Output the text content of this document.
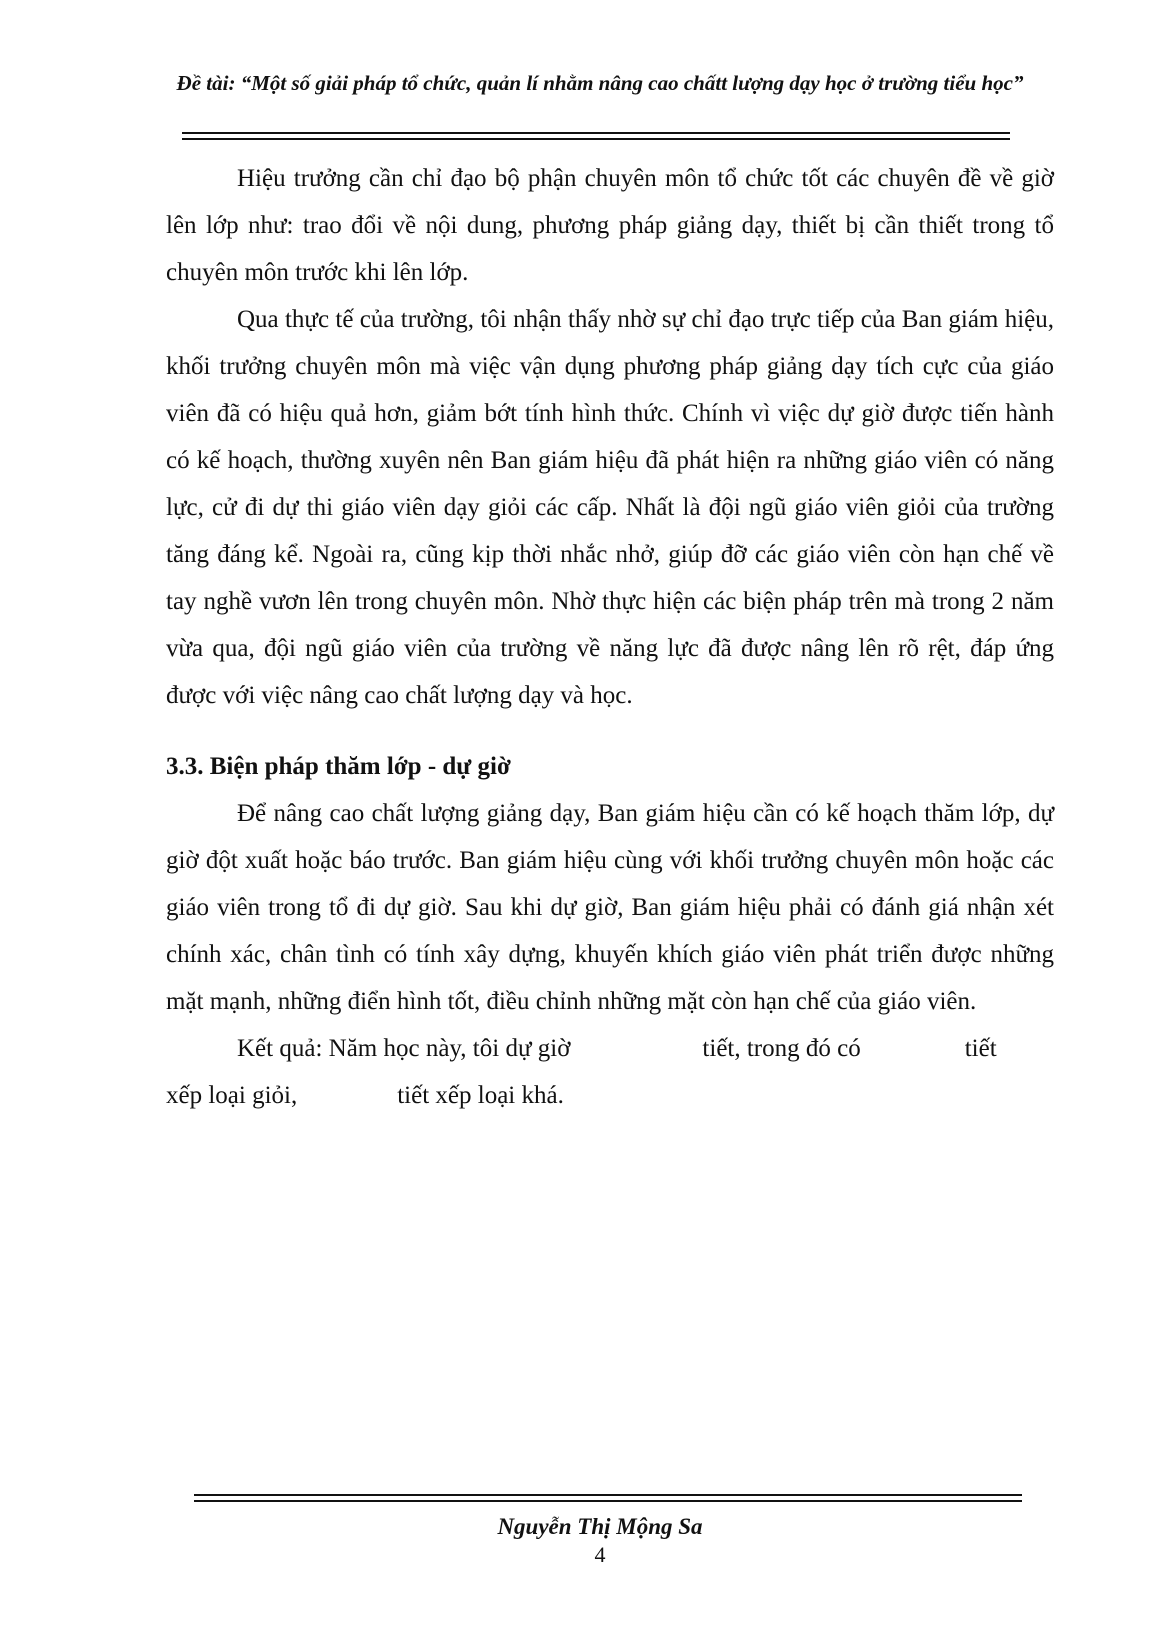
Đề tài: “Một số giải pháp tổ chức, quản lí nhằm nâng cao chấtt lượng dạy học ở trường tiểu học”

Hiệu trưởng cần chỉ đạo bộ phận chuyên môn tổ chức tốt các chuyên đề về giờ lên lớp như: trao đổi về nội dung, phương pháp giảng dạy, thiết bị cần thiết trong tổ chuyên môn trước khi lên lớp.

Qua thực tế của trường, tôi nhận thấy nhờ sự chỉ đạo trực tiếp của Ban giám hiệu, khối trưởng chuyên môn mà việc vận dụng phương pháp giảng dạy tích cực của giáo viên đã có hiệu quả hơn, giảm bớt tính hình thức. Chính vì việc dự giờ được tiến hành có kế hoạch, thường xuyên nên Ban giám hiệu đã phát hiện ra những giáo viên có năng lực, cử đi dự thi giáo viên dạy giỏi các cấp. Nhất là đội ngũ giáo viên giỏi của trường tăng đáng kể. Ngoài ra, cũng kịp thời nhắc nhở, giúp đỡ các giáo viên còn hạn chế về tay nghề vươn lên trong chuyên môn. Nhờ thực hiện các biện pháp trên mà trong 2 năm vừa qua, đội ngũ giáo viên của trường về năng lực đã được nâng lên rõ rệt, đáp ứng được với việc nâng cao chất lượng dạy và học.

3.3. Biện pháp thăm lớp - dự giờ

Để nâng cao chất lượng giảng dạy, Ban giám hiệu cần có kế hoạch thăm lớp, dự giờ đột xuất hoặc báo trước. Ban giám hiệu cùng với khối trưởng chuyên môn hoặc các giáo viên trong tổ đi dự giờ. Sau khi dự giờ, Ban giám hiệu phải có đánh giá nhận xét chính xác, chân tình có tính xây dựng, khuyến khích giáo viên phát triển được những mặt mạnh, những điển hình tốt, điều chỉnh những mặt còn hạn chế của giáo viên.

Kết quả: Năm học này, tôi dự giờ	tiết, trong đó có	tiết

xếp loại giỏi,	tiết xếp loại khá.

Nguyễn Thị Mộng Sa
4
